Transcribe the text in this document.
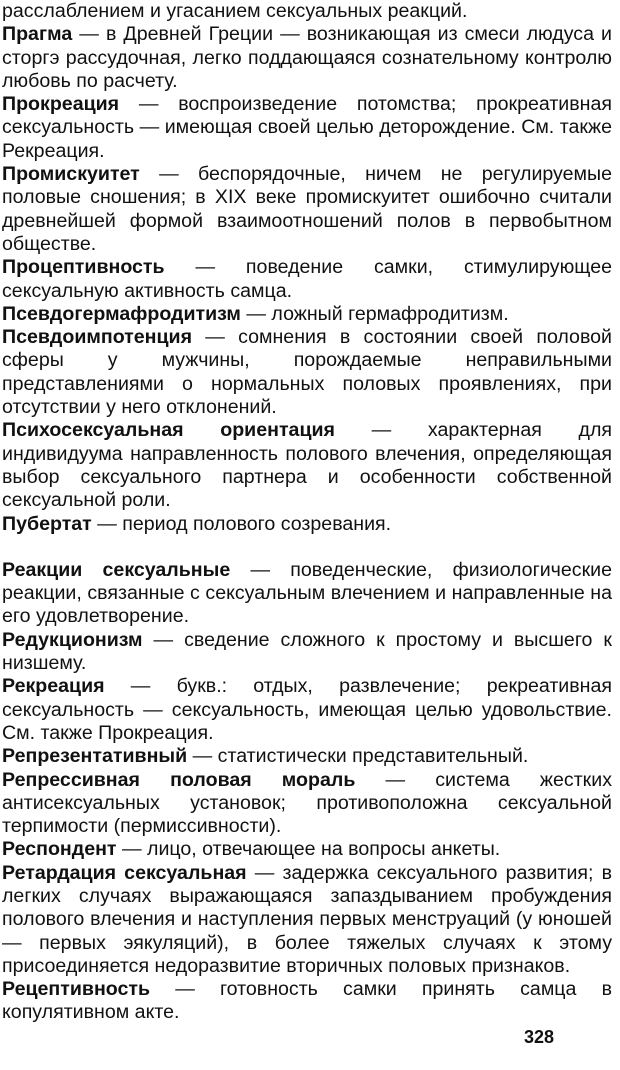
расслаблением и угасанием сексуальных реакций.

Прагма — в Древней Греции — возникающая из смеси людуса и сторгэ рассудочная, легко поддающаяся сознательному контролю любовь по расчету.

Прокреация — воспроизведение потомства; прокреативная сексуальность — имеющая своей целью деторождение. См. также Рекреация.

Промискуитет — беспорядочные, ничем не регулируемые половые сношения; в XIX веке промискуитет ошибочно считали древнейшей формой взаимоотношений полов в первобытном обществе.

Процептивность — поведение самки, стимулирующее сексуальную активность самца.

Псевдогермафродитизм — ложный гермафродитизм.

Псевдоимпотенция — сомнения в состоянии своей половой сферы у мужчины, порождаемые неправильными представлениями о нормальных половых проявлениях, при отсутствии у него отклонений.

Психосексуальная ориентация — характерная для индивидуума направленность полового влечения, определяющая выбор сексуального партнера и особенности собственной сексуальной роли.

Пубертат — период полового созревания.

Реакции сексуальные — поведенческие, физиологические реакции, связанные с сексуальным влечением и направленные на его удовлетворение.

Редукционизм — сведение сложного к простому и высшего к низшему.

Рекреация — букв.: отдых, развлечение; рекреативная сексуальность — сексуальность, имеющая целью удовольствие. См. также Прокреация.

Репрезентативный — статистически представительный.

Репрессивная половая мораль — система жестких антисексуальных установок; противоположна сексуальной терпимости (пермиссивности).

Респондент — лицо, отвечающее на вопросы анкеты.

Ретардация сексуальная — задержка сексуального развития; в легких случаях выражающаяся запаздыванием пробуждения полового влечения и наступления первых менструаций (у юношей — первых эякуляций), в более тяжелых случаях к этому присоединяется недоразвитие вторичных половых признаков.

Рецептивность — готовность самки принять самца в копулятивном акте.

328
